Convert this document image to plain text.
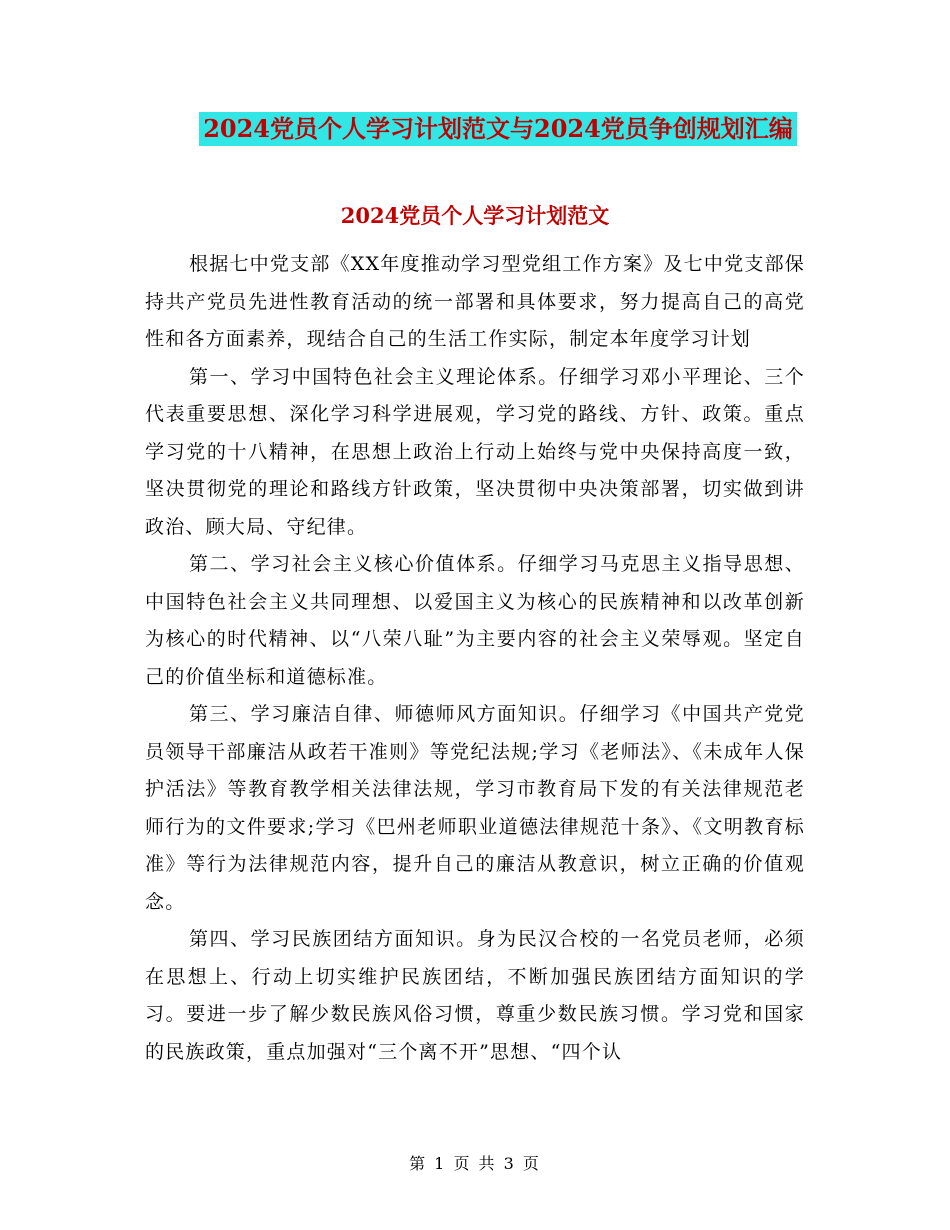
2024党员个人学习计划范文与2024党员争创规划汇编
2024党员个人学习计划范文

根据七中党支部《XX年度推动学习型党组工作方案》及七中党支部保持共产党员先进性教育活动的统一部署和具体要求，努力提高自己的高党性和各方面素养，现结合自己的生活工作实际，制定本年度学习计划

第一、学习中国特色社会主义理论体系。仔细学习邓小平理论、三个代表重要思想、深化学习科学进展观，学习党的路线、方针、政策。重点学习党的十八精神，在思想上政治上行动上始终与党中央保持高度一致，坚决贯彻党的理论和路线方针政策，坚决贯彻中央决策部署，切实做到讲政治、顾大局、守纪律。

第二、学习社会主义核心价值体系。仔细学习马克思主义指导思想、中国特色社会主义共同理想、以爱国主义为核心的民族精神和以改革创新为核心的时代精神、以“八荣八耻”为主要内容的社会主义荣辱观。坚定自己的价值坐标和道德标准。

第三、学习廉洁自律、师德师风方面知识。仔细学习《中国共产党党员领导干部廉洁从政若干准则》等党纪法规;学习《老师法》、《未成年人保护活法》等教育教学相关法律法规，学习市教育局下发的有关法律规范老师行为的文件要求;学习《巴州老师职业道德法律规范十条》、《文明教育标准》等行为法律规范内容，提升自己的廉洁从教意识，树立正确的价值观念。

第四、学习民族团结方面知识。身为民汉合校的一名党员老师，必须在思想上、行动上切实维护民族团结，不断加强民族团结方面知识的学习。要进一步了解少数民族风俗习惯，尊重少数民族习惯。学习党和国家的民族政策，重点加强对“三个离不开”思想、“四个认

第 1 页 共 3 页
